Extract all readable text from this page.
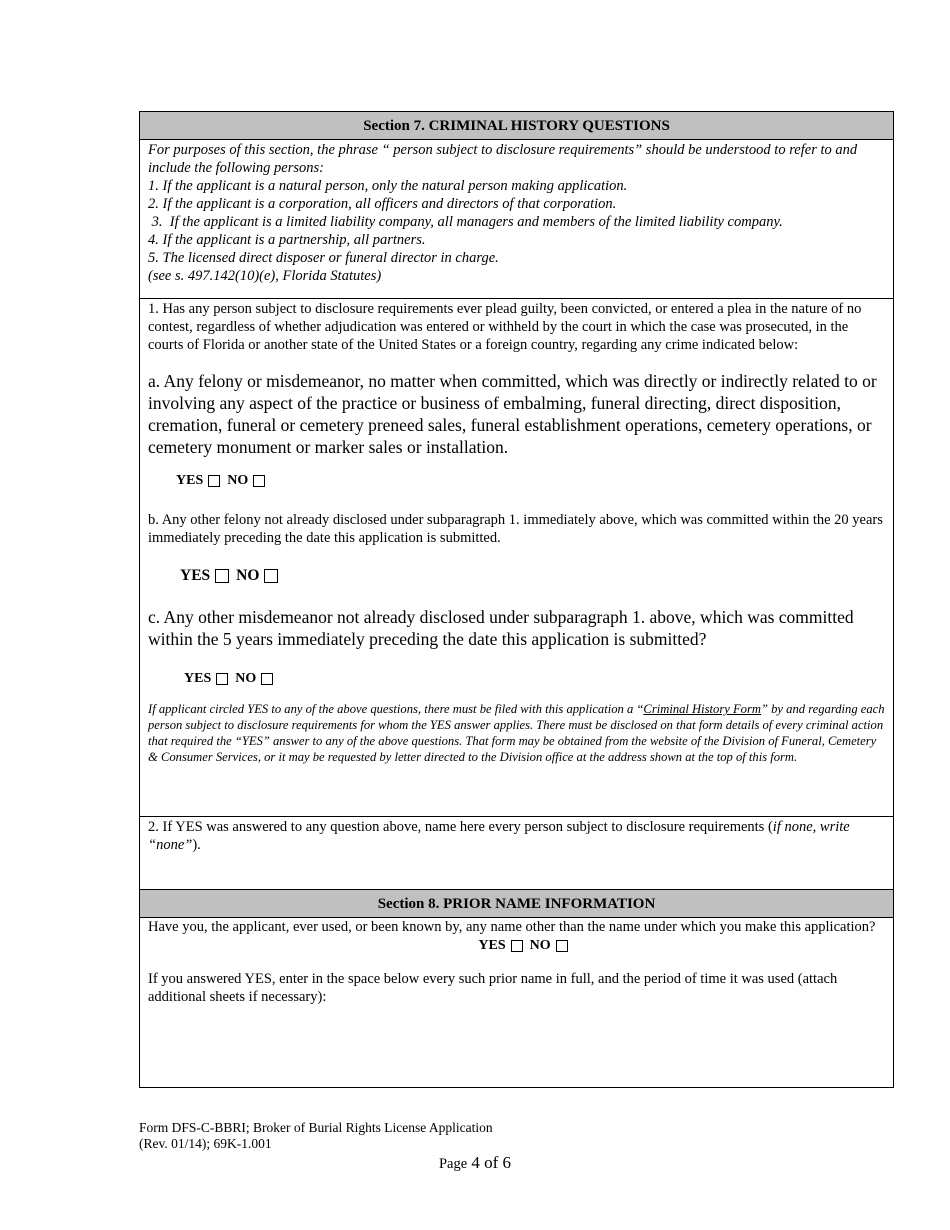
Section 7. CRIMINAL HISTORY QUESTIONS
For purposes of this section, the phrase “ person subject to disclosure requirements” should be understood to refer to and include the following persons:
1. If the applicant is a natural person, only the natural person making application.
2. If the applicant is a corporation, all officers and directors of that corporation.
3.  If the applicant is a limited liability company, all managers and members of the limited liability company.
4. If the applicant is a partnership, all partners.
5. The licensed direct disposer or funeral director in charge.
(see s. 497.142(10)(e), Florida Statutes)
1. Has any person subject to disclosure requirements ever plead guilty, been convicted, or entered a plea in the nature of no contest, regardless of whether adjudication was entered or withheld by the court in which the case was prosecuted, in the courts of Florida or another state of the United States or a foreign country, regarding any crime indicated below:
a. Any felony or misdemeanor, no matter when committed, which was directly or indirectly related to or involving any aspect of the practice or business of embalming, funeral directing, direct disposition, cremation, funeral or cemetery preneed sales, funeral establishment operations, cemetery operations, or cemetery monument or marker sales or installation.
YES NO
b. Any other felony not already disclosed under subparagraph 1. immediately above, which was committed within the 20 years immediately preceding the date this application is submitted.
YES NO
c. Any other misdemeanor not already disclosed under subparagraph 1. above, which was committed within the 5 years immediately preceding the date this application is submitted?
YES NO
If applicant circled YES to any of the above questions, there must be filed with this application a “Criminal History Form” by and regarding each person subject to disclosure requirements for whom the YES answer applies. There must be disclosed on that form details of every criminal action that required the “YES” answer to any of the above questions. That form may be obtained from the website of the Division of Funeral, Cemetery & Consumer Services, or it may be requested by letter directed to the Division office at the address shown at the top of this form.
2. If YES was answered to any question above, name here every person subject to disclosure requirements (if none, write “none”).
Section 8. PRIOR NAME INFORMATION
Have you, the applicant, ever used, or been known by, any name other than the name under which you make this application?
YES NO
If you answered YES, enter in the space below every such prior name in full, and the period of time it was used (attach additional sheets if necessary):
Form DFS-C-BBRI; Broker of Burial Rights License Application
(Rev. 01/14); 69K-1.001
Page 4 of 6
